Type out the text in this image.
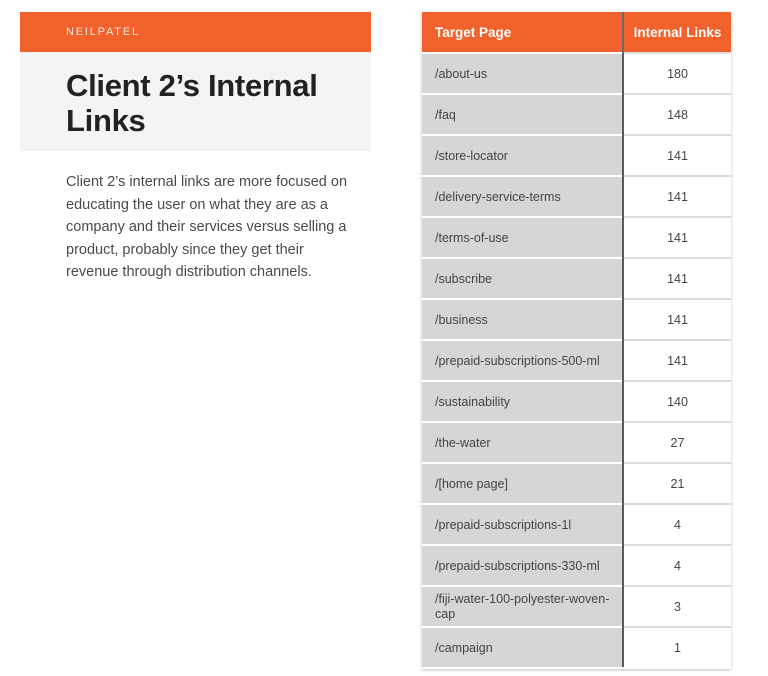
NEILPATEL
Client 2’s Internal Links

Client 2’s internal links are more focused on educating the user on what they are as a company and their services versus selling a product, probably since they get their revenue through distribution channels.

Target Page	Internal Links
/about-us	180
/faq	148
/store-locator	141
/delivery-service-terms	141
/terms-of-use	141
/subscribe	141
/business	141
/prepaid-subscriptions-500-ml	141
/sustainability	140
/the-water	27
/[home page]	21
/prepaid-subscriptions-1l	4
/prepaid-subscriptions-330-ml	4
/fiji-water-100-polyester-woven-cap	3
/campaign	1
